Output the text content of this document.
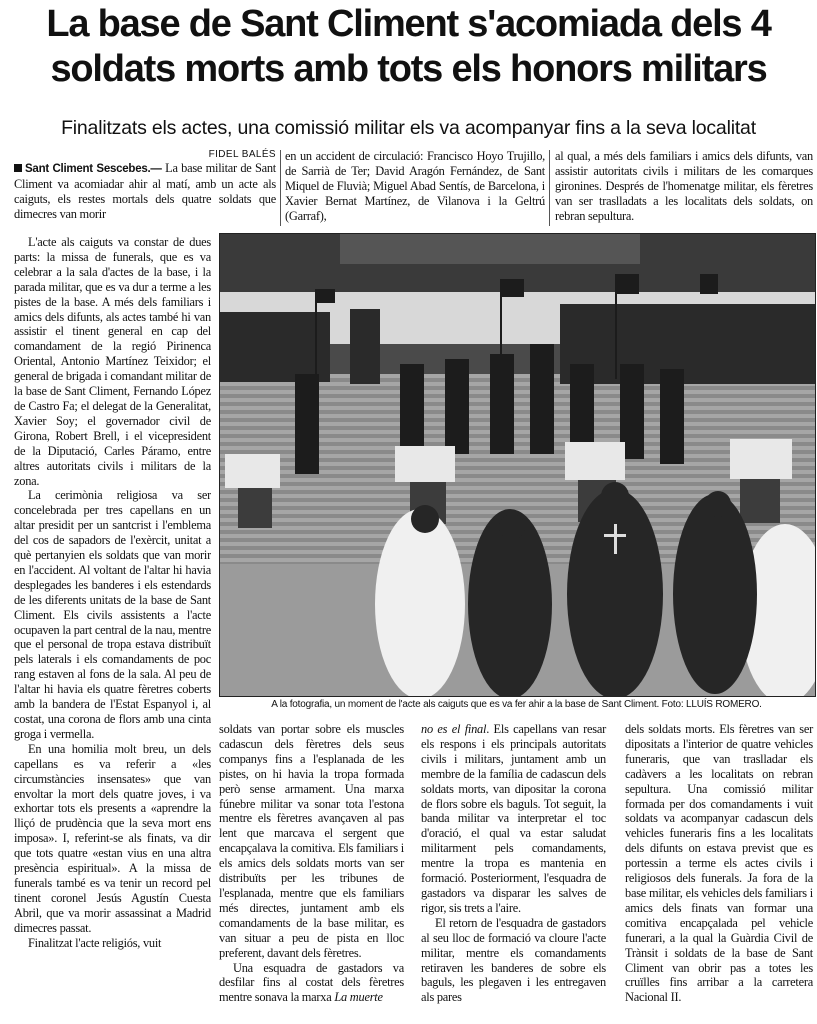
La base de Sant Climent s'acomiada dels 4 soldats morts amb tots els honors militars
Finalitzats els actes, una comissió militar els va acompanyar fins a la seva localitat
FIDEL BALÉS

Sant Climent Sescebes.— La base militar de Sant Climent va acomiadar ahir al matí, amb un acte als caiguts, els restes mortals dels quatre soldats que dimecres van morir

en un accident de circulació: Francisco Hoyo Trujillo, de Sarrià de Ter; David Aragón Fernández, de Sant Miquel de Fluvià; Miguel Abad Sentís, de Barcelona, i Xavier Bernat Martínez, de Vilanova i la Geltrú (Garraf),

al qual, a més dels familiars i amics dels difunts, van assistir autoritats civils i militars de les comarques gironines. Després de l'homenatge militar, els fèretres van ser traslladats a les localitats dels soldats, on rebran sepultura.

L'acte als caiguts va constar de dues parts: la missa de funerals, que es va celebrar a la sala d'actes de la base, i la parada militar, que es va dur a terme a les pistes de la base. A més dels familiars i amics dels difunts, als actes també hi van assistir el tinent general en cap del comandament de la regió Pirinenca Oriental, Antonio Martínez Teixidor; el general de brigada i comandant militar de la base de Sant Climent, Fernando López de Castro Fa; el delegat de la Generalitat, Xavier Soy; el governador civil de Girona, Robert Brell, i el vicepresident de la Diputació, Carles Páramo, entre altres autoritats civils i militars de la zona.

La cerimònia religiosa va ser concelebrada per tres capellans en un altar presidit per un santcrist i l'emblema del cos de sapadors de l'exèrcit, unitat a què pertanyien els soldats que van morir en l'accident. Al voltant de l'altar hi havia desplegades les banderes i els estendards de les diferents unitats de la base de Sant Climent. Els civils assistents a l'acte ocupaven la part central de la nau, mentre que el personal de tropa estava distribuït pels laterals i els comandaments de poc rang estaven al fons de la sala. Al peu de l'altar hi havia els quatre fèretres coberts amb la bandera de l'Estat Espanyol i, al costat, una corona de flors amb una cinta groga i vermella.

En una homilia molt breu, un dels capellans es va referir a «les circumstàncies insensates» que van envoltar la mort dels quatre joves, i va exhortar tots els presents a «aprendre la lliçó de prudència que la seva mort ens imposa». I, referint-se als finats, va dir que tots quatre «estan vius en una altra presència espiritual». A la missa de funerals també es va tenir un record pel tinent coronel Jesús Agustín Cuesta Abril, que va morir assassinat a Madrid dimecres passat.

Finalitzat l'acte religiós, vuit

A la fotografia, un moment de l'acte als caiguts que es va fer ahir a la base de Sant Climent. Foto: LLUÍS ROMERO.

soldats van portar sobre els muscles cadascun dels fèretres dels seus companys fins a l'esplanada de les pistes, on hi havia la tropa formada però sense armament. Una marxa fúnebre militar va sonar tota l'estona mentre els fèretres avançaven al pas lent que marcava el sergent que encapçalava la comitiva. Els familiars i els amics dels soldats morts van ser distribuïts per les tribunes de l'esplanada, mentre que els familiars més directes, juntament amb els comandaments de la base militar, es van situar a peu de pista en lloc preferent, davant dels fèretres.

Una esquadra de gastadors va desfilar fins al costat dels fèretres mentre sonava la marxa La muerte

no es el final. Els capellans van resar els respons i els principals autoritats civils i militars, juntament amb un membre de la família de cadascun dels soldats morts, van dipositar la corona de flors sobre els baguls. Tot seguit, la banda militar va interpretar el toc d'oració, el qual va estar saludat militarment pels comandaments, mentre la tropa es mantenia en formació. Posteriorment, l'esquadra de gastadors va disparar les salves de rigor, sis trets a l'aire.

El retorn de l'esquadra de gastadors al seu lloc de formació va cloure l'acte militar, mentre els comandaments retiraven les banderes de sobre els baguls, les plegaven i les entregaven als pares

dels soldats morts. Els fèretres van ser dipositats a l'interior de quatre vehicles funeraris, que van traslladar els cadàvers a les localitats on rebran sepultura. Una comissió militar formada per dos comandaments i vuit soldats va acompanyar cadascun dels vehicles funeraris fins a les localitats dels difunts on estava previst que es portessin a terme els actes civils i religiosos dels funerals. Ja fora de la base militar, els vehicles dels familiars i amics dels finats van formar una comitiva encapçalada pel vehicle funerari, a la qual la Guàrdia Civil de Trànsit i soldats de la base de Sant Climent van obrir pas a totes les cruïlles fins arribar a la carretera Nacional II.
